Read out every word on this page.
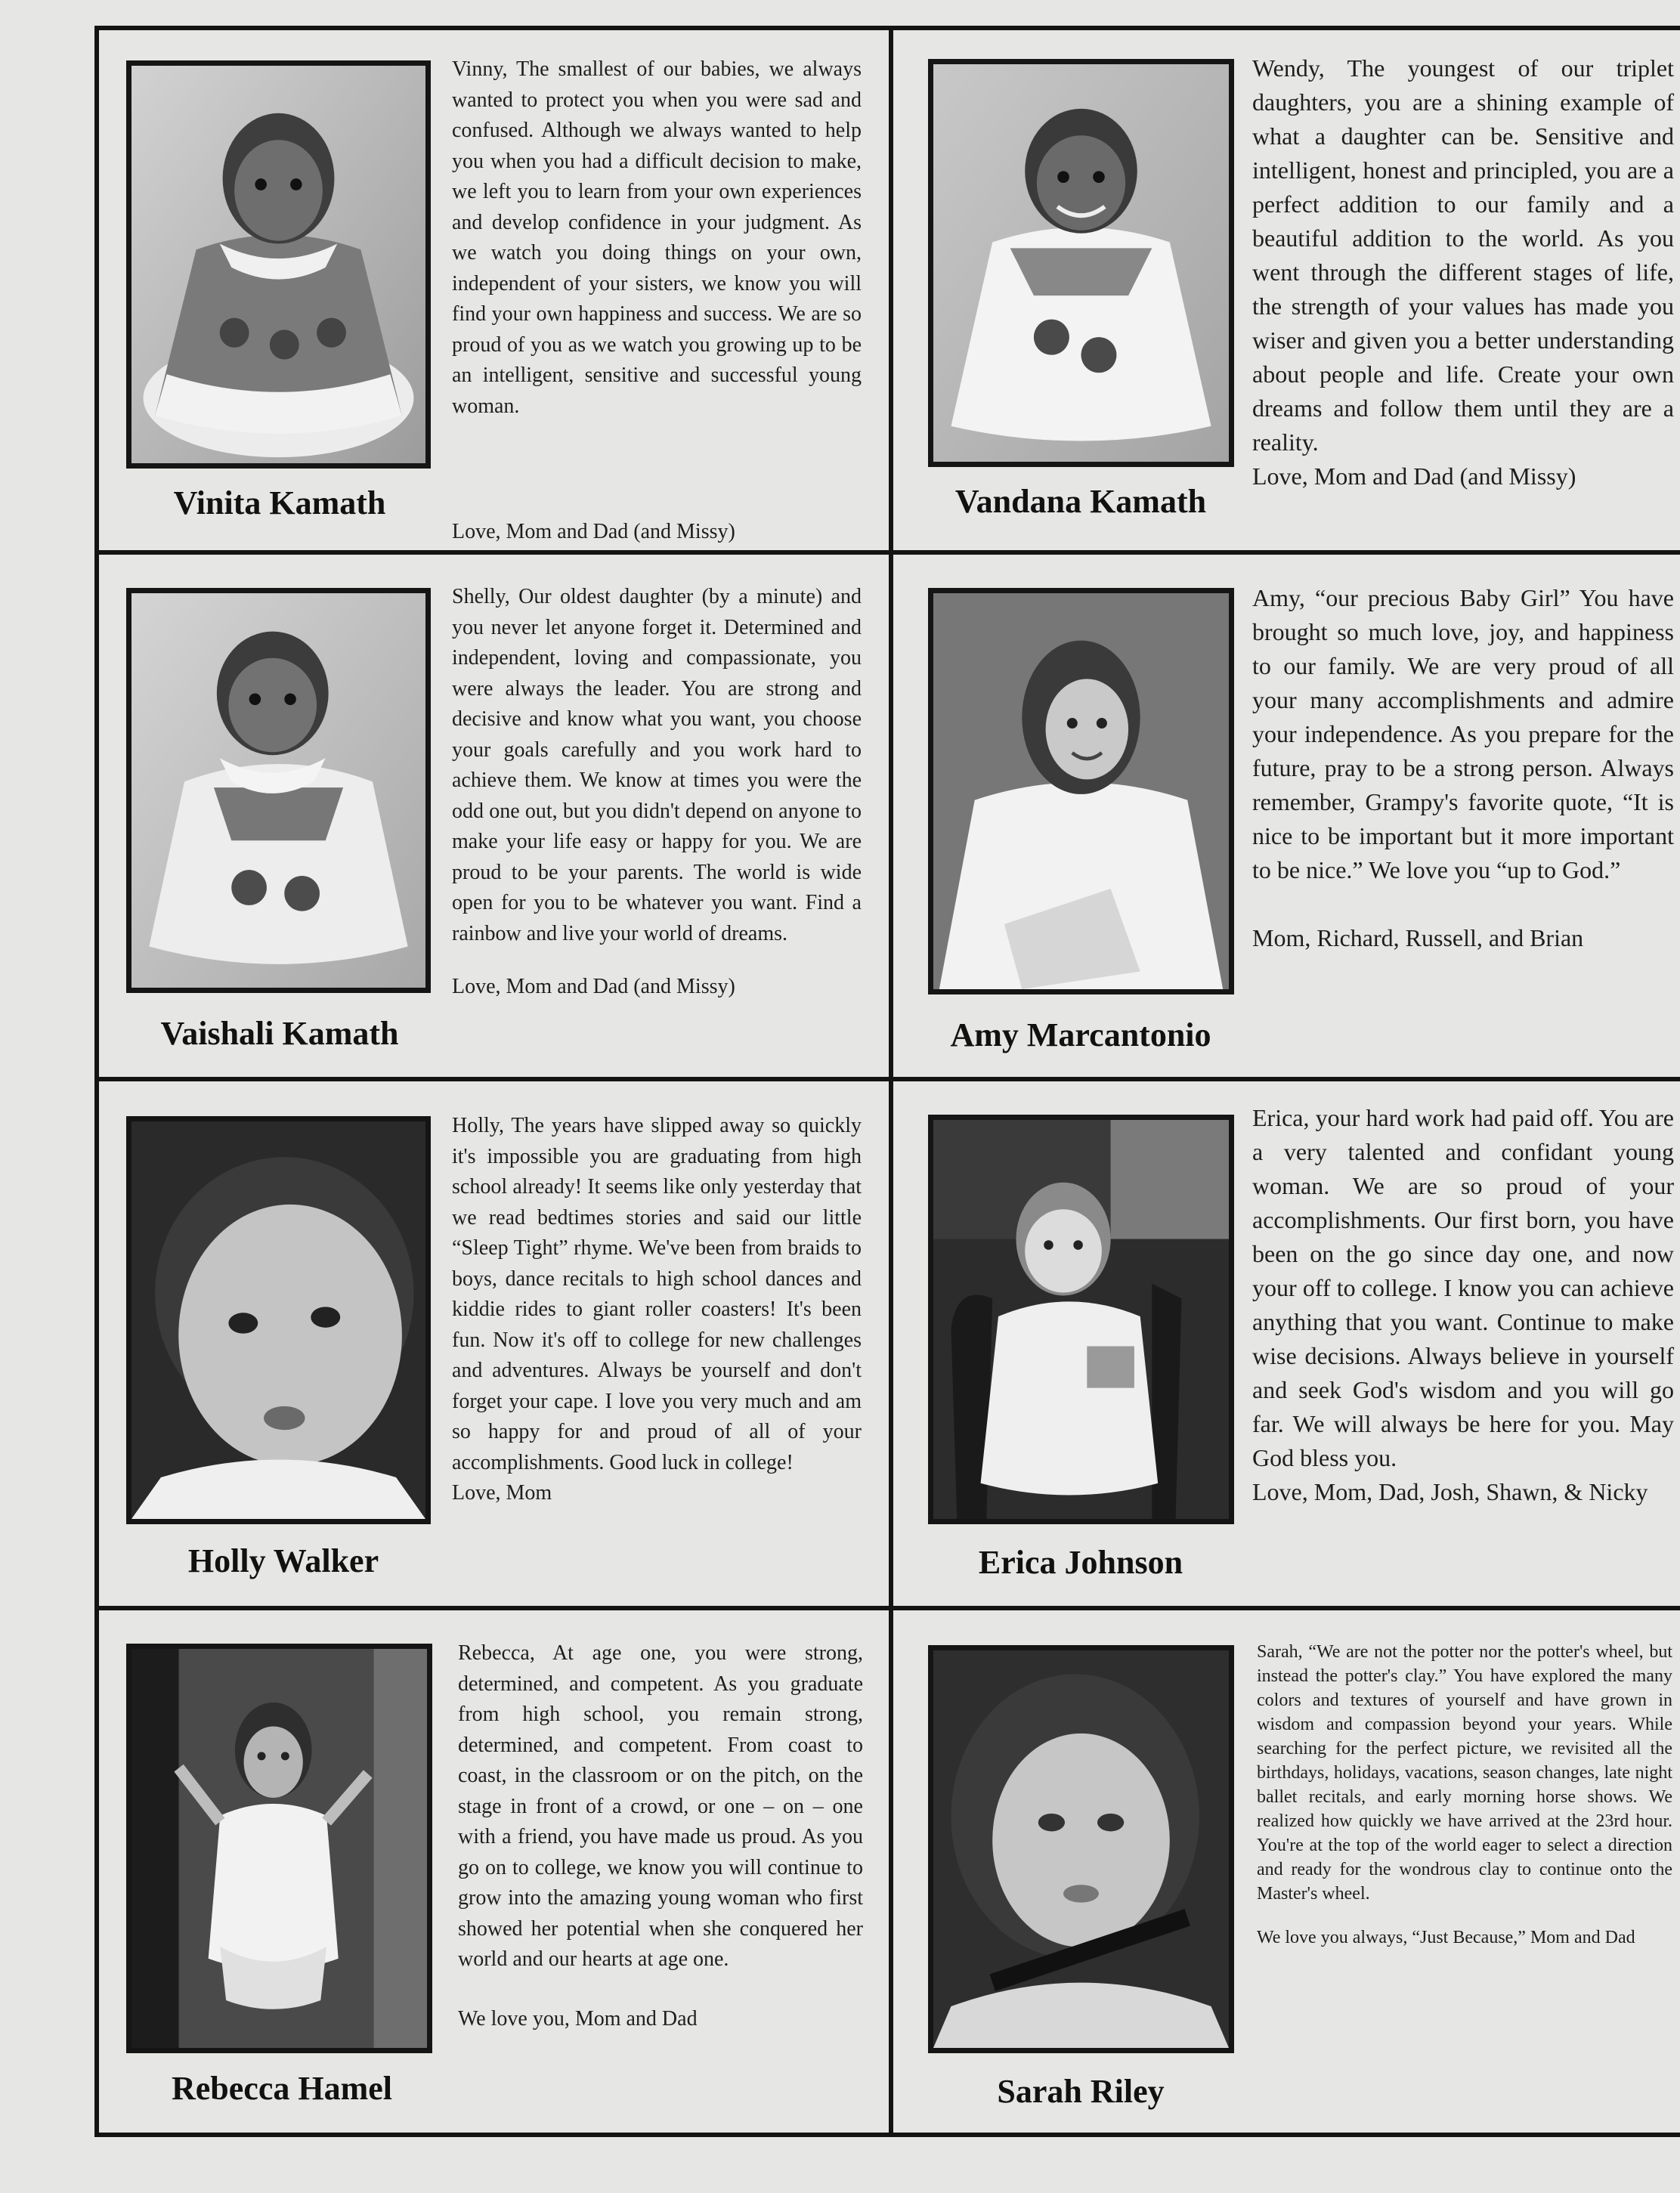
Vinita Kamath

Vinny, The smallest of our babies, we always wanted to protect you when you were sad and confused. Although we always wanted to help you when you had a difficult decision to make, we left you to learn from your own experiences and develop confidence in your judgment. As we watch you doing things on your own, independent of your sisters, we know you will find your own happiness and success. We are so proud of you as we watch you growing up to be an intelligent, sensitive and successful young woman.
Love, Mom and Dad (and Missy)

Vandana Kamath

Wendy, The youngest of our triplet daughters, you are a shining example of what a daughter can be. Sensitive and intelligent, honest and principled, you are a perfect addition to our family and a beautiful addition to the world. As you went through the different stages of life, the strength of your values has made you wiser and given you a better understanding about people and life. Create your own dreams and follow them until they are a reality.
Love, Mom and Dad (and Missy)

Vaishali Kamath

Shelly, Our oldest daughter (by a minute) and you never let anyone forget it. Determined and independent, loving and compassionate, you were always the leader. You are strong and decisive and know what you want, you choose your goals carefully and you work hard to achieve them. We know at times you were the odd one out, but you didn't depend on anyone to make your life easy or happy for you. We are proud to be your parents. The world is wide open for you to be whatever you want. Find a rainbow and live your world of dreams.
Love, Mom and Dad (and Missy)

Amy Marcantonio

Amy, “our precious Baby Girl” You have brought so much love, joy, and happiness to our family. We are very proud of all your many accomplishments and admire your independence. As you prepare for the future, pray to be a strong person. Always remember, Grampy's favorite quote, “It is nice to be important but it more important to be nice.” We love you “up to God.”
Mom, Richard, Russell, and Brian

Holly Walker

Holly, The years have slipped away so quickly it's impossible you are graduating from high school already! It seems like only yesterday that we read bedtimes stories and said our little “Sleep Tight” rhyme. We've been from braids to boys, dance recitals to high school dances and kiddie rides to giant roller coasters! It's been fun. Now it's off to college for new challenges and adventures. Always be yourself and don't forget your cape. I love you very much and am so happy for and proud of all of your accomplishments. Good luck in college!
Love, Mom

Erica Johnson

Erica, your hard work had paid off. You are a very talented and confidant young woman. We are so proud of your accomplishments. Our first born, you have been on the go since day one, and now your off to college. I know you can achieve anything that you want. Continue to make wise decisions. Always believe in yourself and seek God's wisdom and you will go far. We will always be here for you. May God bless you.
Love, Mom, Dad, Josh, Shawn, & Nicky

Rebecca Hamel

Rebecca, At age one, you were strong, determined, and competent. As you graduate from high school, you remain strong, determined, and competent. From coast to coast, in the classroom or on the pitch, on the stage in front of a crowd, or one – on – one with a friend, you have made us proud. As you go on to college, we know you will continue to grow into the amazing young woman who first showed her potential when she conquered her world and our hearts at age one.
We love you, Mom and Dad

Sarah Riley

Sarah, “We are not the potter nor the potter's wheel, but instead the potter's clay.” You have explored the many colors and textures of yourself and have grown in wisdom and compassion beyond your years. While searching for the perfect picture, we revisited all the birthdays, holidays, vacations, season changes, late night ballet recitals, and early morning horse shows. We realized how quickly we have arrived at the 23rd hour. You're at the top of the world eager to select a direction and ready for the wondrous clay to continue onto the Master's wheel.
We love you always, “Just Because,” Mom and Dad
